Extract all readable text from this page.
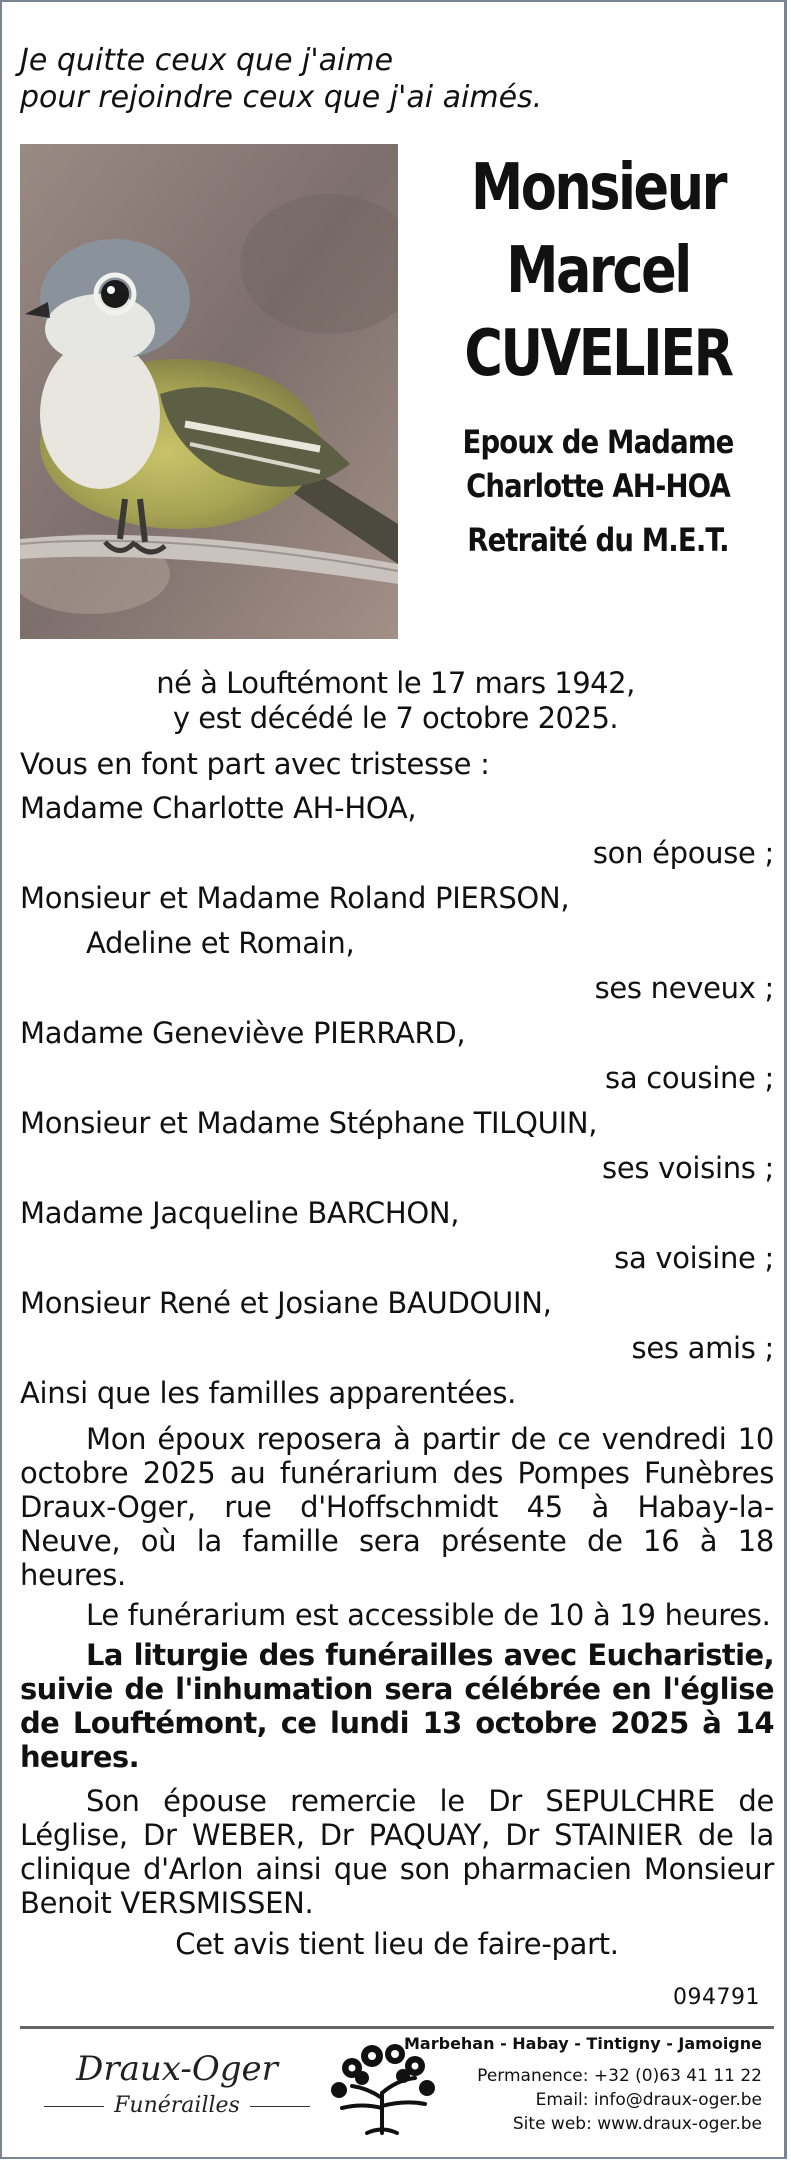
Je quitte ceux que j'aime
pour rejoindre ceux que j'ai aimés.
Monsieur
Marcel
CUVELIER
Epoux de Madame
Charlotte AH-HOA
Retraité du M.E.T.
né à Louftémont le 17 mars 1942,
y est décédé le 7 octobre 2025.
Vous en font part avec tristesse :
Madame Charlotte AH-HOA,
son épouse ;
Monsieur et Madame Roland PIERSON,
Adeline et Romain,
ses neveux ;
Madame Geneviève PIERRARD,
sa cousine ;
Monsieur et Madame Stéphane TILQUIN,
ses voisins ;
Madame Jacqueline BARCHON,
sa voisine ;
Monsieur René et Josiane BAUDOUIN,
ses amis ;
Ainsi que les familles apparentées.
Mon époux reposera à partir de ce vendredi 10 octobre 2025 au funérarium des Pompes Funèbres Draux-Oger, rue d'Hoffschmidt 45 à Habay-la-Neuve, où la famille sera présente de 16 à 18 heures.
Le funérarium est accessible de 10 à 19 heures.
La liturgie des funérailles avec Eucharistie, suivie de l'inhumation sera célébrée en l'église de Louftémont, ce lundi 13 octobre 2025 à 14 heures.
Son épouse remercie le Dr SEPULCHRE de Léglise, Dr WEBER, Dr PAQUAY, Dr STAINIER de la clinique d'Arlon ainsi que son pharmacien Monsieur Benoit VERSMISSEN.
Cet avis tient lieu de faire-part.
094791
Draux-Oger
Funérailles
Marbehan - Habay - Tintigny - Jamoigne
Permanence: +32 (0)63 41 11 22
Email: info@draux-oger.be
Site web: www.draux-oger.be
